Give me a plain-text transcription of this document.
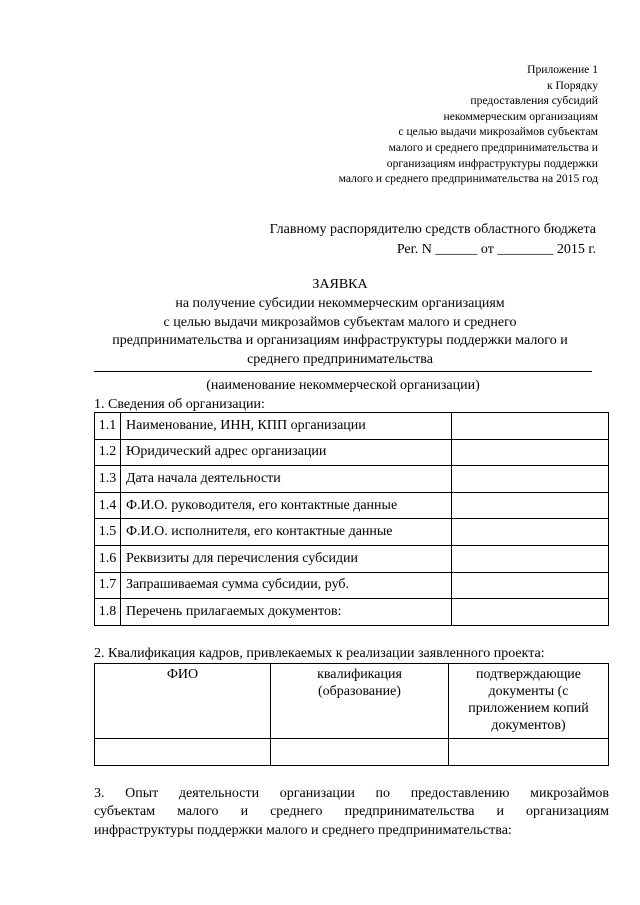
Приложение 1
к Порядку
предоставления субсидий
некоммерческим организациям
с целью выдачи микрозаймов субъектам
малого и среднего предпринимательства и
организациям инфраструктуры поддержки
малого и среднего предпринимательства на 2015 год
Главному распорядителю средств областного бюджета
Рег. N ______ от ________ 2015 г.
ЗАЯВКА
на получение субсидии некоммерческим организациям
с целью выдачи микрозаймов субъектам малого и среднего
предпринимательства и организациям инфраструктуры поддержки малого и
среднего предпринимательства
(наименование некоммерческой организации)
1. Сведения об организации:
1.1	Наименование, ИНН, КПП организации	
1.2	Юридический адрес организации	
1.3	Дата начала деятельности	
1.4	Ф.И.О. руководителя, его контактные данные	
1.5	Ф.И.О. исполнителя, его контактные данные	
1.6	Реквизиты для перечисления субсидии	
1.7	Запрашиваемая сумма субсидии, руб.	
1.8	Перечень прилагаемых документов:	
2. Квалификация кадров, привлекаемых к реализации заявленного проекта:
ФИО	квалификация (образование)	подтверждающие документы (с приложением копий документов)

3. Опыт деятельности организации по предоставлению микрозаймов
субъектам малого и среднего предпринимательства и организациям
инфраструктуры поддержки малого и среднего предпринимательства:
